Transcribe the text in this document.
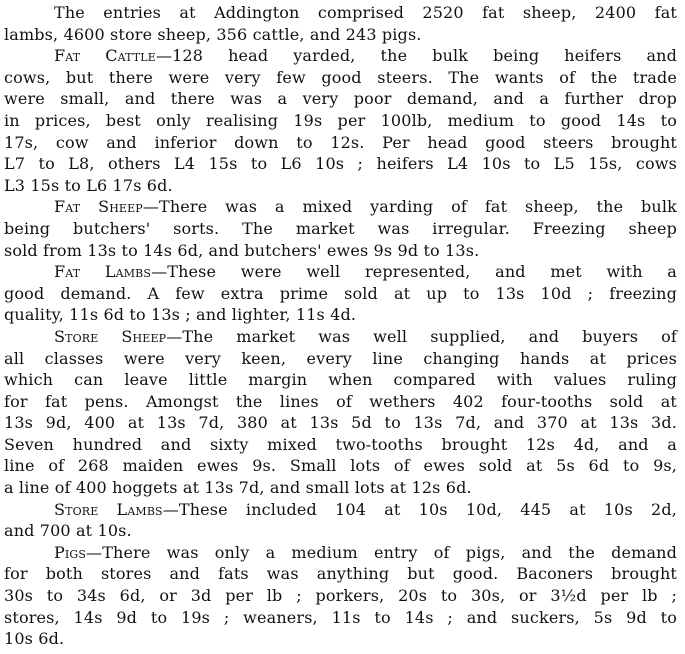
The entries at Addington comprised 2520 fat sheep, 2400 fat
lambs, 4600 store sheep, 356 cattle, and 243 pigs.
Fat Cattle—128 head yarded, the bulk being heifers and
cows, but there were very few good steers. The wants of the trade
were small, and there was a very poor demand, and a further drop
in prices, best only realising 19s per 100lb, medium to good 14s to
17s, cow and inferior down to 12s. Per head good steers brought
L7 to L8, others L4 15s to L6 10s ; heifers L4 10s to L5 15s, cows
L3 15s to L6 17s 6d.
Fat Sheep—There was a mixed yarding of fat sheep, the bulk
being butchers' sorts. The market was irregular. Freezing sheep
sold from 13s to 14s 6d, and butchers' ewes 9s 9d to 13s.
Fat Lambs—These were well represented, and met with a
good demand. A few extra prime sold at up to 13s 10d ; freezing
quality, 11s 6d to 13s ; and lighter, 11s 4d.
Store Sheep—The market was well supplied, and buyers of
all classes were very keen, every line changing hands at prices
which can leave little margin when compared with values ruling
for fat pens. Amongst the lines of wethers 402 four-tooths sold at
13s 9d, 400 at 13s 7d, 380 at 13s 5d to 13s 7d, and 370 at 13s 3d.
Seven hundred and sixty mixed two-tooths brought 12s 4d, and a
line of 268 maiden ewes 9s. Small lots of ewes sold at 5s 6d to 9s,
a line of 400 hoggets at 13s 7d, and small lots at 12s 6d.
Store Lambs—These included 104 at 10s 10d, 445 at 10s 2d,
and 700 at 10s.
Pigs—There was only a medium entry of pigs, and the demand
for both stores and fats was anything but good. Baconers brought
30s to 34s 6d, or 3d per lb ; porkers, 20s to 30s, or 3½d per lb ;
stores, 14s 9d to 19s ; weaners, 11s to 14s ; and suckers, 5s 9d to
10s 6d.
